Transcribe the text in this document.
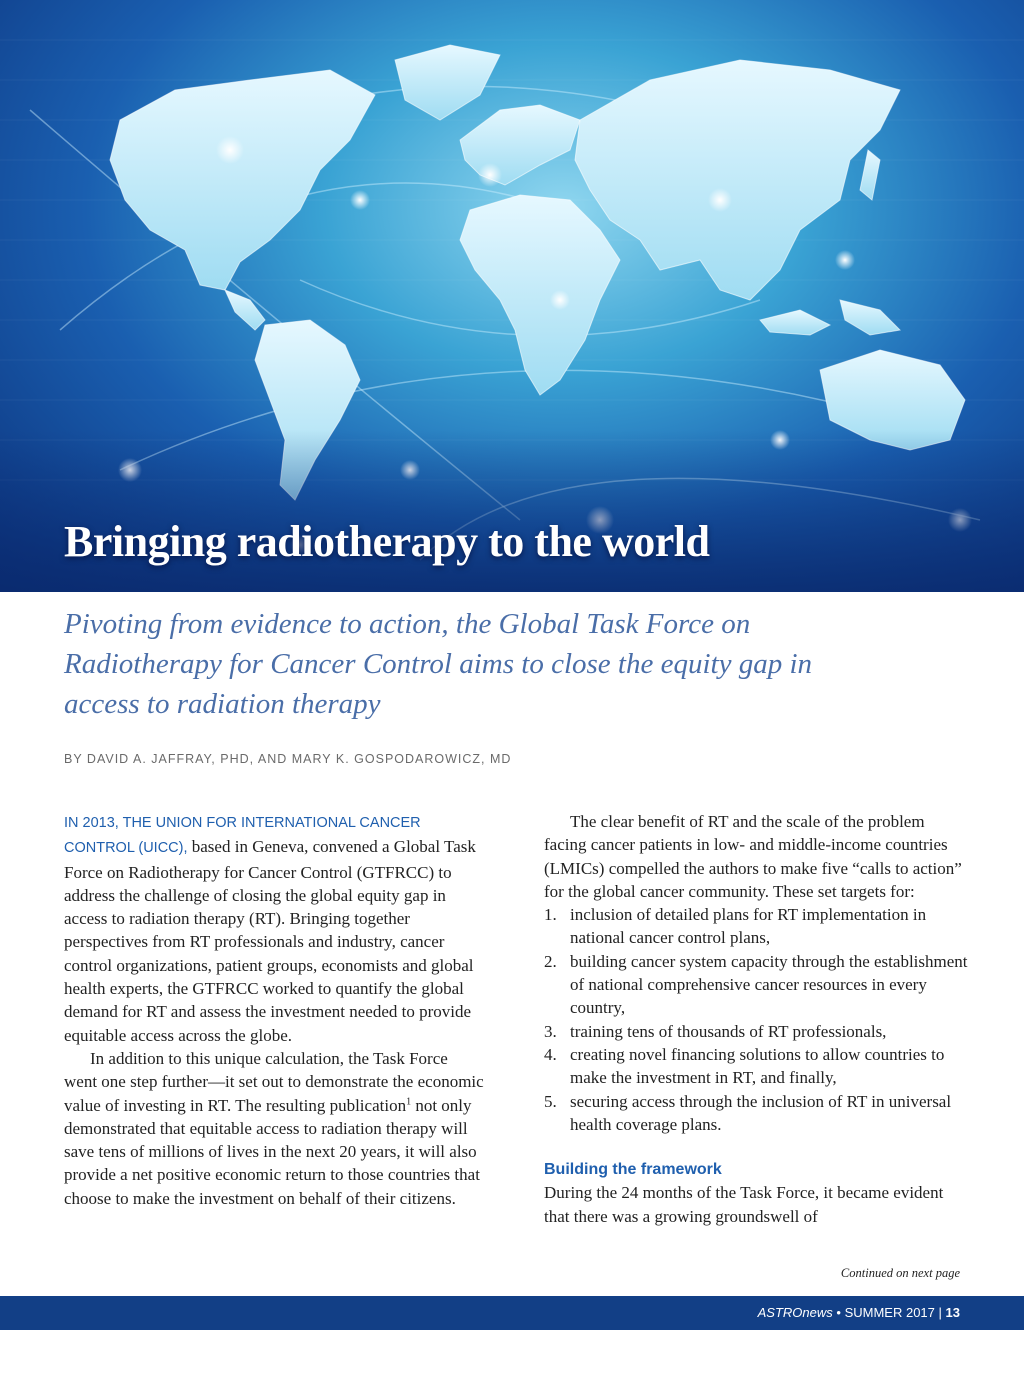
Bringing radiotherapy to the world

Pivoting from evidence to action, the Global Task Force on Radiotherapy for Cancer Control aims to close the equity gap in access to radiation therapy

BY DAVID A. JAFFRAY, PHD, AND MARY K. GOSPODAROWICZ, MD

IN 2013, THE UNION FOR INTERNATIONAL CANCER CONTROL (UICC), based in Geneva, convened a Global Task Force on Radiotherapy for Cancer Control (GTFRCC) to address the challenge of closing the global equity gap in access to radiation therapy (RT). Bringing together perspectives from RT professionals and industry, cancer control organizations, patient groups, economists and global health experts, the GTFRCC worked to quantify the global demand for RT and assess the investment needed to provide equitable access across the globe.

In addition to this unique calculation, the Task Force went one step further—it set out to demonstrate the economic value of investing in RT. The resulting publication$^1$ not only demonstrated that equitable access to radiation therapy will save tens of millions of lives in the next 20 years, it will also provide a net positive economic return to those countries that choose to make the investment on behalf of their citizens.

The clear benefit of RT and the scale of the problem facing cancer patients in low- and middle-income countries (LMICs) compelled the authors to make five “calls to action” for the global cancer community. These set targets for:

1. inclusion of detailed plans for RT implementation in national cancer control plans,
2. building cancer system capacity through the establishment of national comprehensive cancer resources in every country,
3. training tens of thousands of RT professionals,
4. creating novel financing solutions to allow countries to make the investment in RT, and finally,
5. securing access through the inclusion of RT in universal health coverage plans.

Building the framework

During the 24 months of the Task Force, it became evident that there was a growing groundswell of

Continued on next page
ASTROnews • SUMMER 2017 | 13
